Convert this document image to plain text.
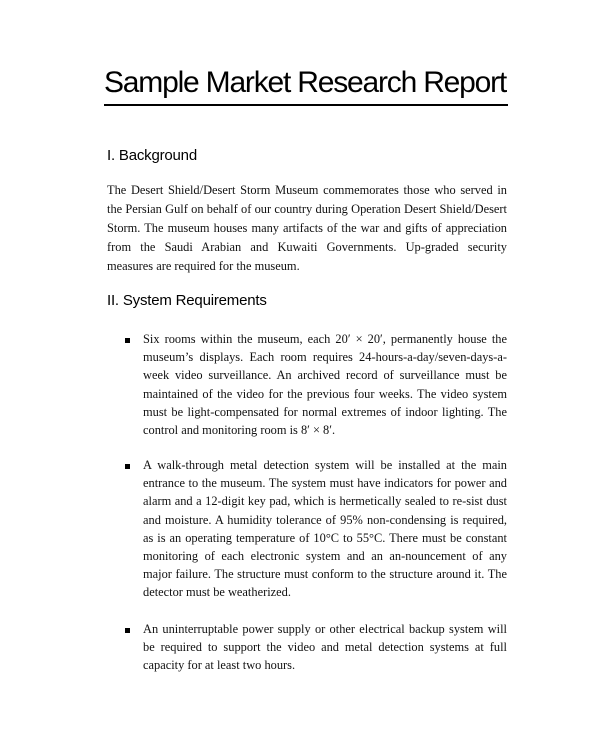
Sample Market Research Report
I. Background

The Desert Shield/Desert Storm Museum commemorates those who served in the Persian Gulf on behalf of our country during Operation Desert Shield/Desert Storm. The museum houses many artifacts of the war and gifts of appreciation from the Saudi Arabian and Kuwaiti Governments. Up-graded security measures are required for the museum.

II. System Requirements

Six rooms within the museum, each 20′ × 20′, permanently house the museum’s displays. Each room requires 24-hours-a-day/seven-days-a-week video surveillance. An archived record of surveillance must be maintained of the video for the previous four weeks. The video system must be light-compensated for normal extremes of indoor lighting. The control and monitoring room is 8′ × 8′.

A walk-through metal detection system will be installed at the main entrance to the museum. The system must have indicators for power and alarm and a 12-digit key pad, which is hermetically sealed to re-sist dust and moisture. A humidity tolerance of 95% non-condensing is required, as is an operating temperature of 10°C to 55°C. There must be constant monitoring of each electronic system and an an-nouncement of any major failure. The structure must conform to the structure around it. The detector must be weatherized.

An uninterruptable power supply or other electrical backup system will be required to support the video and metal detection systems at full capacity for at least two hours.
